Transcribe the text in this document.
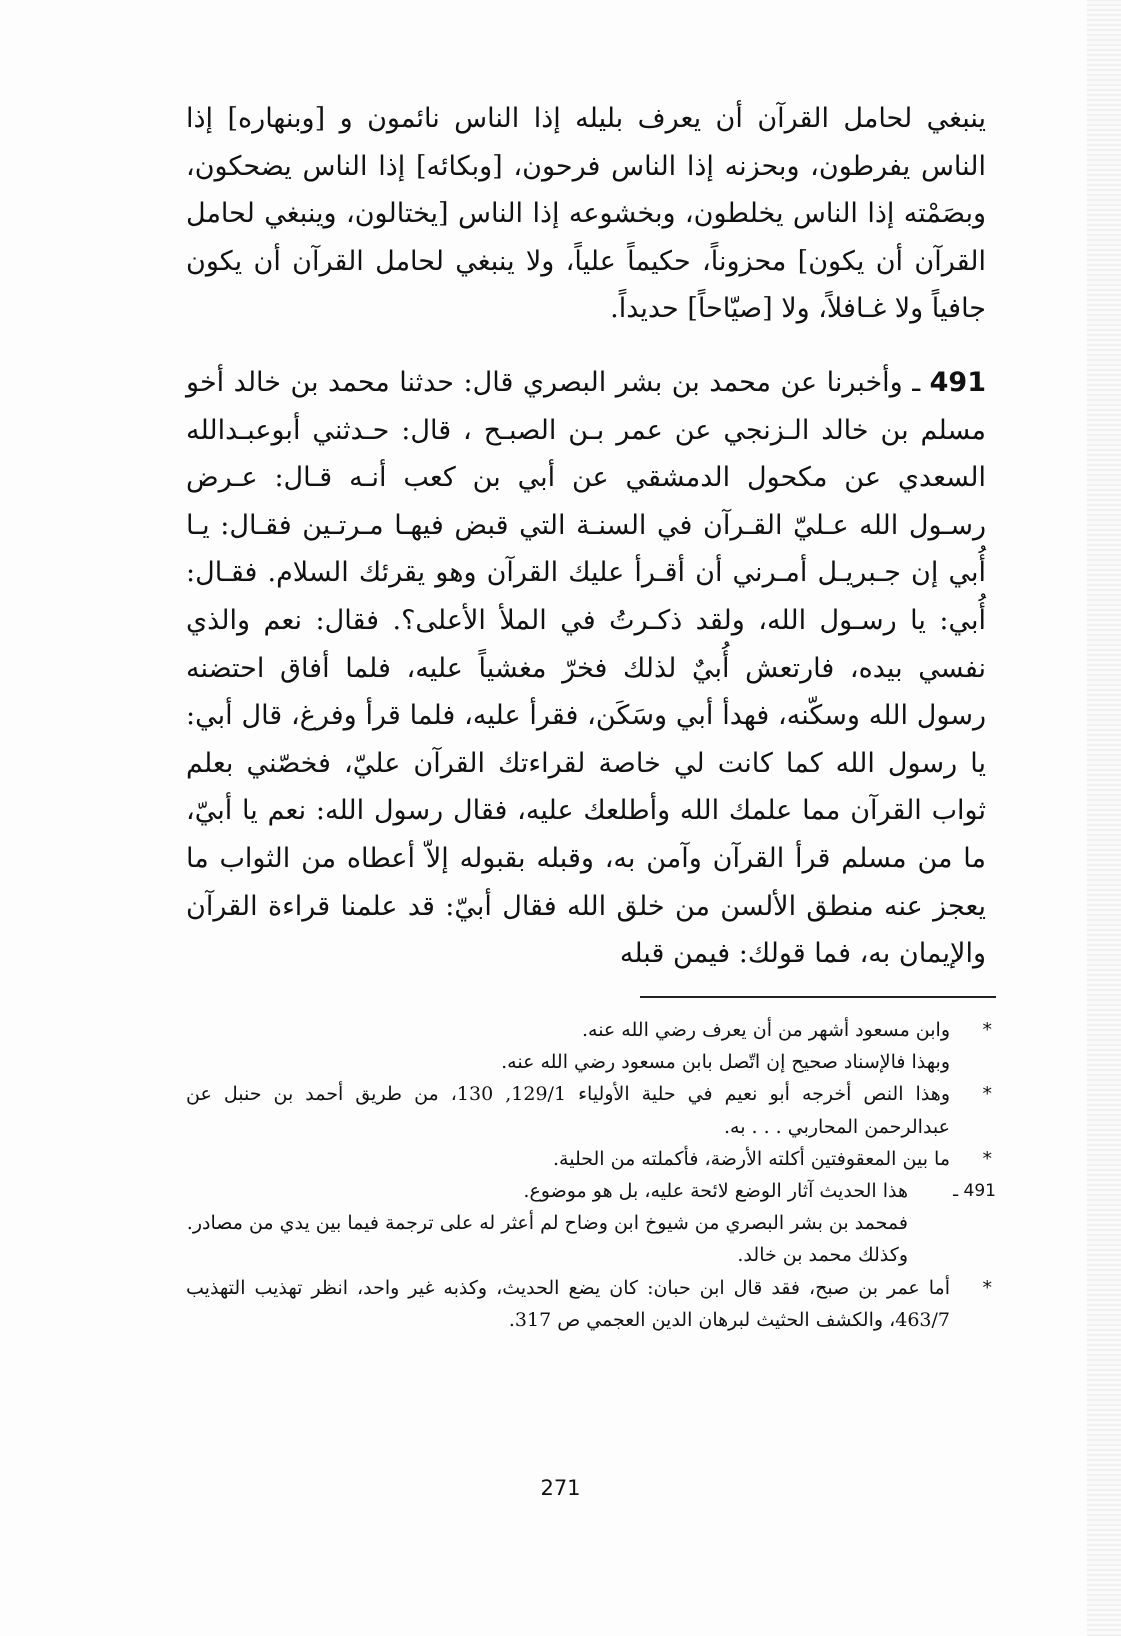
ينبغي لحامل القرآن أن يعرف بليله إذا الناس نائمون و [وبنهاره] إذا الناس يفرطون، وبحزنه إذا الناس فرحون، [وبكائه] إذا الناس يضحكون، وبصَمْته إذا الناس يخلطون، وبخشوعه إذا الناس [يختالون، وينبغي لحامل القرآن أن يكون] محزوناً، حكيماً علياً، ولا ينبغي لحامل القرآن أن يكون جافياً ولا غـافلاً، ولا [صيّاحاً] حديداً.

491 ـ وأخبرنا عن محمد بن بشر البصري قال: حدثنا محمد بن خالد أخو مسلم بن خالد الـزنجي عن عمر بـن الصبـح ، قال: حـدثني أبوعبـدالله السعدي عن مكحول الدمشقي عن أبي بن كعب أنـه قـال: عـرض رسـول الله عـليّ القـرآن في السنـة التي قبض فيهـا مـرتـين فقـال: يـا أُبي إن جـبريـل أمـرني أن أقـرأ عليك القرآن وهو يقرئك السلام. فقـال: أُبي: يا رسـول الله، ولقد ذكـرتُ في الملأ الأعلى؟. فقال: نعم والذي نفسي بيده، فارتعش أُبيٌ لذلك فخرّ مغشياً عليه، فلما أفاق احتضنه رسول الله وسكّنه، فهدأ أبي وسَكَن، فقرأ عليه، فلما قرأ وفرغ، قال أبي: يا رسول الله كما كانت لي خاصة لقراءتك القرآن عليّ، فخصّني بعلم ثواب القرآن مما علمك الله وأطلعك عليه، فقال رسول الله: نعم يا أبيّ، ما من مسلم قرأ القرآن وآمن به، وقبله بقبوله إلاّ أعطاه من الثواب ما يعجز عنه منطق الألسن من خلق الله فقال أبيّ: قد علمنا قراءة القرآن والإيمان به، فما قولك: فيمن قبله

*
وابن مسعود أشهر من أن يعرف رضي الله عنه.

وبهذا فالإسناد صحيح إن اتّصل بابن مسعود رضي الله عنه.

*
وهذا النص أخرجه أبو نعيم في حلية الأولياء 129/1, 130، من طريق أحمد بن حنبل عن عبدالرحمن المحاربي . . . به.

*
ما بين المعقوفتين أكلته الأرضة، فأكملته من الحلية.

491 ـ
هذا الحديث آثار الوضع لائحة عليه، بل هو موضوع.

فمحمد بن بشر البصري من شيوخ ابن وضاح لم أعثر له على ترجمة فيما بين يدي من مصادر.

وكذلك محمد بن خالد.

*
أما عمر بن صبح، فقد قال ابن حبان: كان يضع الحديث، وكذبه غير واحد، انظر تهذيب التهذيب 463/7، والكشف الحثيث لبرهان الدين العجمي ص 317.

271
